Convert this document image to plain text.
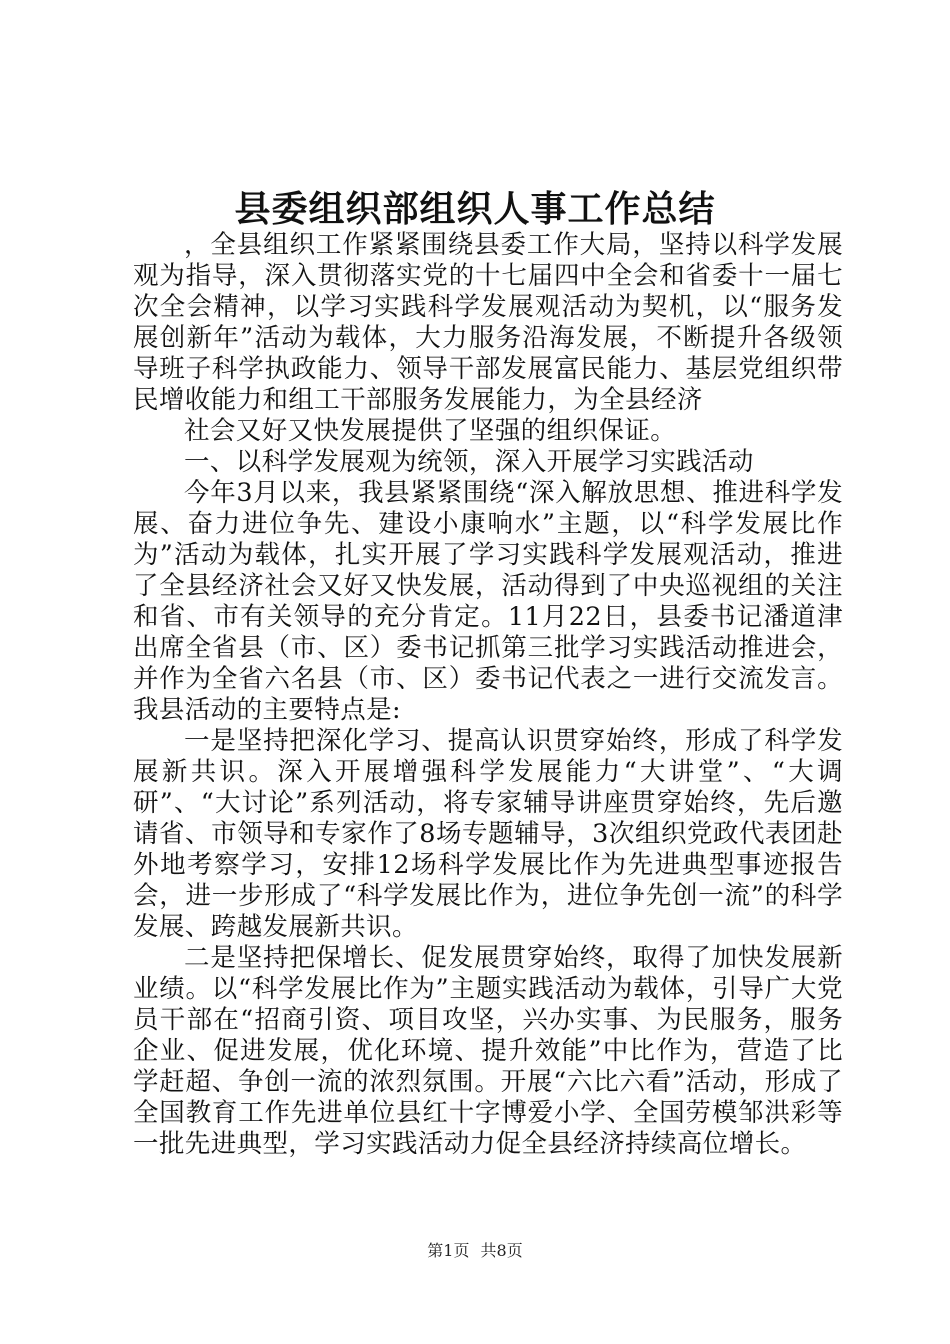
县委组织部组织人事工作总结

，全县组织工作紧紧围绕县委工作大局，坚持以科学发展观为指导，深入贯彻落实党的十七届四中全会和省委十一届七次全会精神，以学习实践科学发展观活动为契机，以“服务发展创新年”活动为载体，大力服务沿海发展，不断提升各级领导班子科学执政能力、领导干部发展富民能力、基层党组织带民增收能力和组工干部服务发展能力，为全县经济

社会又好又快发展提供了坚强的组织保证。

一、以科学发展观为统领，深入开展学习实践活动

今年3月以来，我县紧紧围绕“深入解放思想、推进科学发展、奋力进位争先、建设小康响水”主题，以“科学发展比作为”活动为载体，扎实开展了学习实践科学发展观活动，推进了全县经济社会又好又快发展，活动得到了中央巡视组的关注和省、市有关领导的充分肯定。11月22日，县委书记潘道津出席全省县（市、区）委书记抓第三批学习实践活动推进会，并作为全省六名县（市、区）委书记代表之一进行交流发言。我县活动的主要特点是:

一是坚持把深化学习、提高认识贯穿始终，形成了科学发展新共识。深入开展增强科学发展能力“大讲堂”、“大调研”、“大讨论”系列活动，将专家辅导讲座贯穿始终，先后邀请省、市领导和专家作了8场专题辅导，3次组织党政代表团赴外地考察学习，安排12场科学发展比作为先进典型事迹报告会，进一步形成了“科学发展比作为，进位争先创一流”的科学发展、跨越发展新共识。

二是坚持把保增长、促发展贯穿始终，取得了加快发展新业绩。以“科学发展比作为”主题实践活动为载体，引导广大党员干部在“招商引资、项目攻坚，兴办实事、为民服务，服务企业、促进发展，优化环境、提升效能”中比作为，营造了比学赶超、争创一流的浓烈氛围。开展“六比六看”活动，形成了全国教育工作先进单位县红十字博爱小学、全国劳模邹洪彩等一批先进典型，学习实践活动力促全县经济持续高位增长。

第1页 共8页
